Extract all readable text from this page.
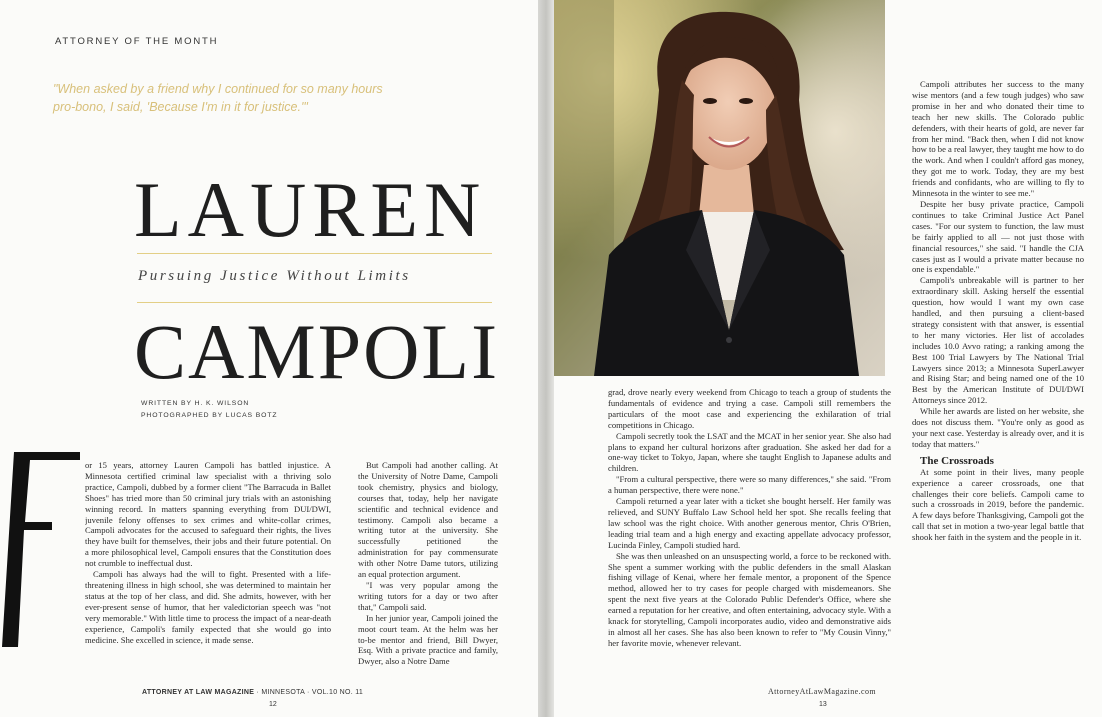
ATTORNEY OF THE MONTH
"When asked by a friend why I continued for so many hours pro-bono, I said, 'Because I'm in it for justice.'"
LAUREN
Pursuing Justice Without Limits
CAMPOLI
WRITTEN BY H. K. WILSON
PHOTOGRAPHED BY LUCAS BOTZ

or 15 years, attorney Lauren Campoli has battled injustice. A Minnesota certified criminal law specialist with a thriving solo practice, Campoli, dubbed by a former client "The Barracuda in Ballet Shoes" has tried more than 50 criminal jury trials with an astonishing winning record. In matters spanning everything from DUI/DWI, juvenile felony offenses to sex crimes and white-collar crimes, Campoli advocates for the accused to safeguard their rights, the lives they have built for themselves, their jobs and their future potential. On a more philosophical level, Campoli ensures that the Constitution does not crumble to ineffectual dust.

Campoli has always had the will to fight. Presented with a life-threatening illness in high school, she was determined to maintain her status at the top of her class, and did. She admits, however, with her ever-present sense of humor, that her valedictorian speech was "not very memorable." With little time to process the impact of a near-death experience, Campoli's family expected that she would go into medicine. She excelled in science, it made sense.

But Campoli had another calling. At the University of Notre Dame, Campoli took chemistry, physics and biology, courses that, today, help her navigate scientific and technical evidence and testimony. Campoli also became a writing tutor at the university. She successfully petitioned the administration for pay commensurate with other Notre Dame tutors, utilizing an equal protection argument.

"I was very popular among the writing tutors for a day or two after that," Campoli said.

In her junior year, Campoli joined the moot court team. At the helm was her to-be mentor and friend, Bill Dwyer, Esq. With a private practice and family, Dwyer, also a Notre Dame

ATTORNEY AT LAW MAGAZINE · MINNESOTA · VOL.10 NO. 11
12

grad, drove nearly every weekend from Chicago to teach a group of students the fundamentals of evidence and trying a case. Campoli still remembers the particulars of the moot case and experiencing the exhilaration of trial competitions in Chicago.

Campoli secretly took the LSAT and the MCAT in her senior year. She also had plans to expand her cultural horizons after graduation. She asked her dad for a one-way ticket to Tokyo, Japan, where she taught English to Japanese adults and children.

"From a cultural perspective, there were so many differences," she said. "From a human perspective, there were none."

Campoli returned a year later with a ticket she bought herself. Her family was relieved, and SUNY Buffalo Law School held her spot. She recalls feeling that law school was the right choice. With another generous mentor, Chris O'Brien, leading trial team and a high energy and exacting appellate advocacy professor, Lucinda Finley, Campoli studied hard.

She was then unleashed on an unsuspecting world, a force to be reckoned with. She spent a summer working with the public defenders in the small Alaskan fishing village of Kenai, where her female mentor, a proponent of the Spence method, allowed her to try cases for people charged with misdemeanors. She spent the next five years at the Colorado Public Defender's Office, where she earned a reputation for her creative, and often entertaining, advocacy style. With a knack for storytelling, Campoli incorporates audio, video and demonstrative aids in almost all her cases. She has also been known to refer to "My Cousin Vinny," her favorite movie, whenever relevant.

Campoli attributes her success to the many wise mentors (and a few tough judges) who saw promise in her and who donated their time to teach her new skills. The Colorado public defenders, with their hearts of gold, are never far from her mind. "Back then, when I did not know how to be a real lawyer, they taught me how to do the work. And when I couldn't afford gas money, they got me to work. Today, they are my best friends and confidants, who are willing to fly to Minnesota in the winter to see me."

Despite her busy private practice, Campoli continues to take Criminal Justice Act Panel cases. "For our system to function, the law must be fairly applied to all — not just those with financial resources," she said. "I handle the CJA cases just as I would a private matter because no one is expendable."

Campoli's unbreakable will is partner to her extraordinary skill. Asking herself the essential question, how would I want my own case handled, and then pursuing a client-based strategy consistent with that answer, is essential to her many victories. Her list of accolades includes 10.0 Avvo rating; a ranking among the Best 100 Trial Lawyers by The National Trial Lawyers since 2013; a Minnesota SuperLawyer and Rising Star; and being named one of the 10 Best by the American Institute of DUI/DWI Attorneys since 2012.

While her awards are listed on her website, she does not discuss them. "You're only as good as your next case. Yesterday is already over, and it is today that matters."

The Crossroads

At some point in their lives, many people experience a career crossroads, one that challenges their core beliefs. Campoli came to such a crossroads in 2019, before the pandemic. A few days before Thanksgiving, Campoli got the call that set in motion a two-year legal battle that shook her faith in the system and the people in it.

AttorneyAtLawMagazine.com
13
